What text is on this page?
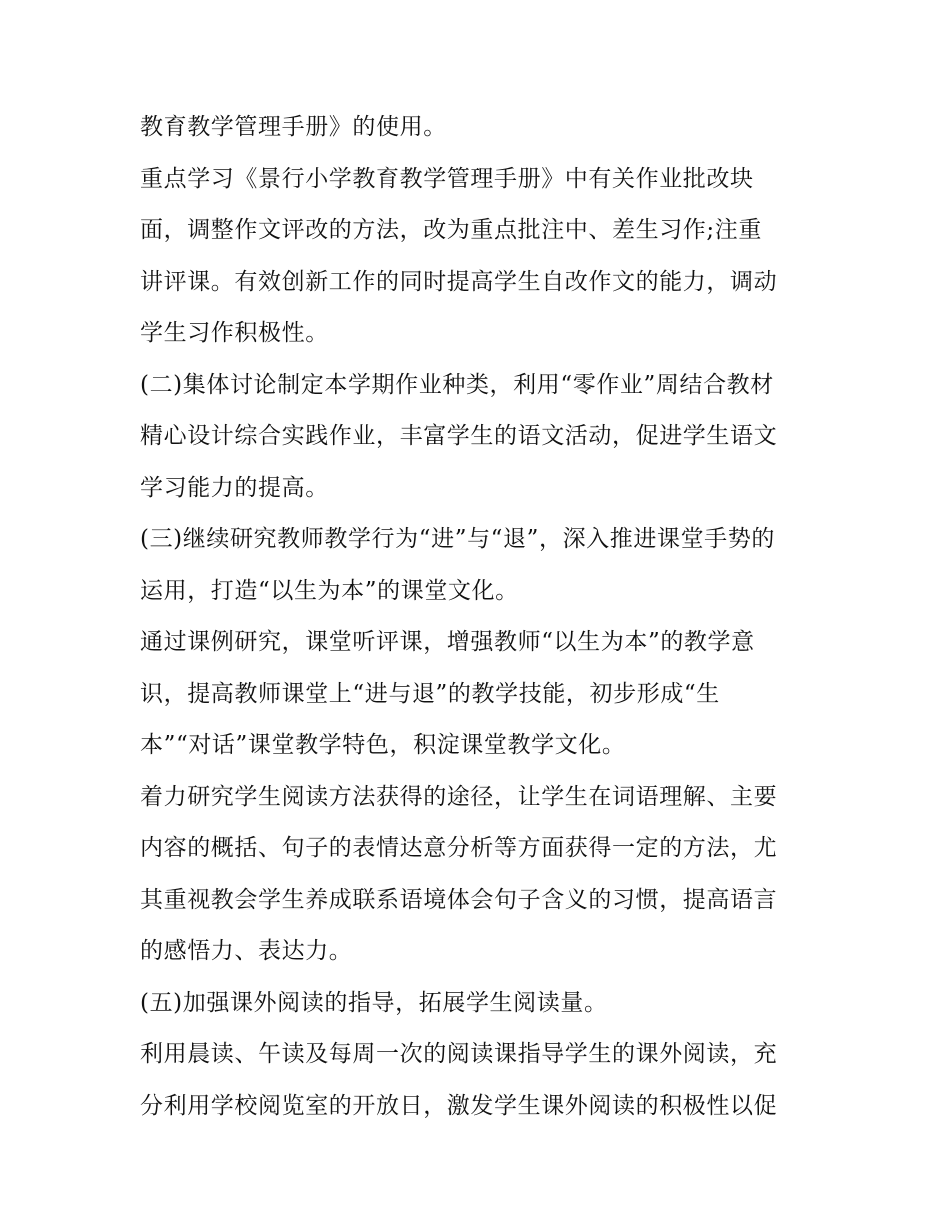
教育教学管理手册》的使用。
重点学习《景行小学教育教学管理手册》中有关作业批改块
面，调整作文评改的方法，改为重点批注中、差生习作;注重
讲评课。有效创新工作的同时提高学生自改作文的能力，调动
学生习作积极性。
(二)集体讨论制定本学期作业种类，利用“零作业”周结合教材
精心设计综合实践作业，丰富学生的语文活动，促进学生语文
学习能力的提高。
(三)继续研究教师教学行为“进”与“退”，深入推进课堂手势的
运用，打造“以生为本”的课堂文化。
通过课例研究，课堂听评课，增强教师“以生为本”的教学意
识，提高教师课堂上“进与退”的教学技能，初步形成“生
本”“对话”课堂教学特色，积淀课堂教学文化。
着力研究学生阅读方法获得的途径，让学生在词语理解、主要
内容的概括、句子的表情达意分析等方面获得一定的方法，尤
其重视教会学生养成联系语境体会句子含义的习惯，提高语言
的感悟力、表达力。
(五)加强课外阅读的指导，拓展学生阅读量。
利用晨读、午读及每周一次的阅读课指导学生的课外阅读，充
分利用学校阅览室的开放日，激发学生课外阅读的积极性以促
